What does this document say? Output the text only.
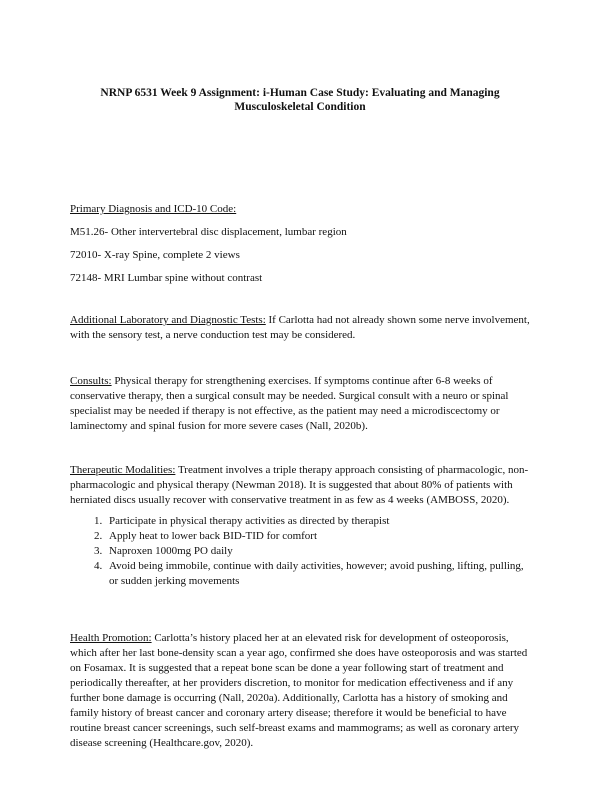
NRNP 6531 Week 9 Assignment: i-Human Case Study: Evaluating and Managing
Musculoskeletal Condition

Primary Diagnosis and ICD-10 Code:

M51.26- Other intervertebral disc displacement, lumbar region

72010- X-ray Spine, complete 2 views

72148- MRI Lumbar spine without contrast

Additional Laboratory and Diagnostic Tests: If Carlotta had not already shown some nerve involvement, with the sensory test, a nerve conduction test may be considered.

Consults: Physical therapy for strengthening exercises. If symptoms continue after 6-8 weeks of conservative therapy, then a surgical consult may be needed. Surgical consult with a neuro or spinal specialist may be needed if therapy is not effective, as the patient may need a microdiscectomy or laminectomy and spinal fusion for more severe cases (Nall, 2020b).

Therapeutic Modalities: Treatment involves a triple therapy approach consisting of pharmacologic, non-pharmacologic and physical therapy (Newman 2018). It is suggested that about 80% of patients with herniated discs usually recover with conservative treatment in as few as 4 weeks (AMBOSS, 2020).

1. Participate in physical therapy activities as directed by therapist
2. Apply heat to lower back BID-TID for comfort
3. Naproxen 1000mg PO daily
4. Avoid being immobile, continue with daily activities, however; avoid pushing, lifting, pulling, or sudden jerking movements

Health Promotion: Carlotta’s history placed her at an elevated risk for development of osteoporosis, which after her last bone-density scan a year ago, confirmed she does have osteoporosis and was started on Fosamax. It is suggested that a repeat bone scan be done a year following start of treatment and periodically thereafter, at her providers discretion, to monitor for medication effectiveness and if any further bone damage is occurring (Nall, 2020a). Additionally, Carlotta has a history of smoking and family history of breast cancer and coronary artery disease; therefore it would be beneficial to have routine breast cancer screenings, such self-breast exams and mammograms; as well as coronary artery disease screening (Healthcare.gov, 2020).
